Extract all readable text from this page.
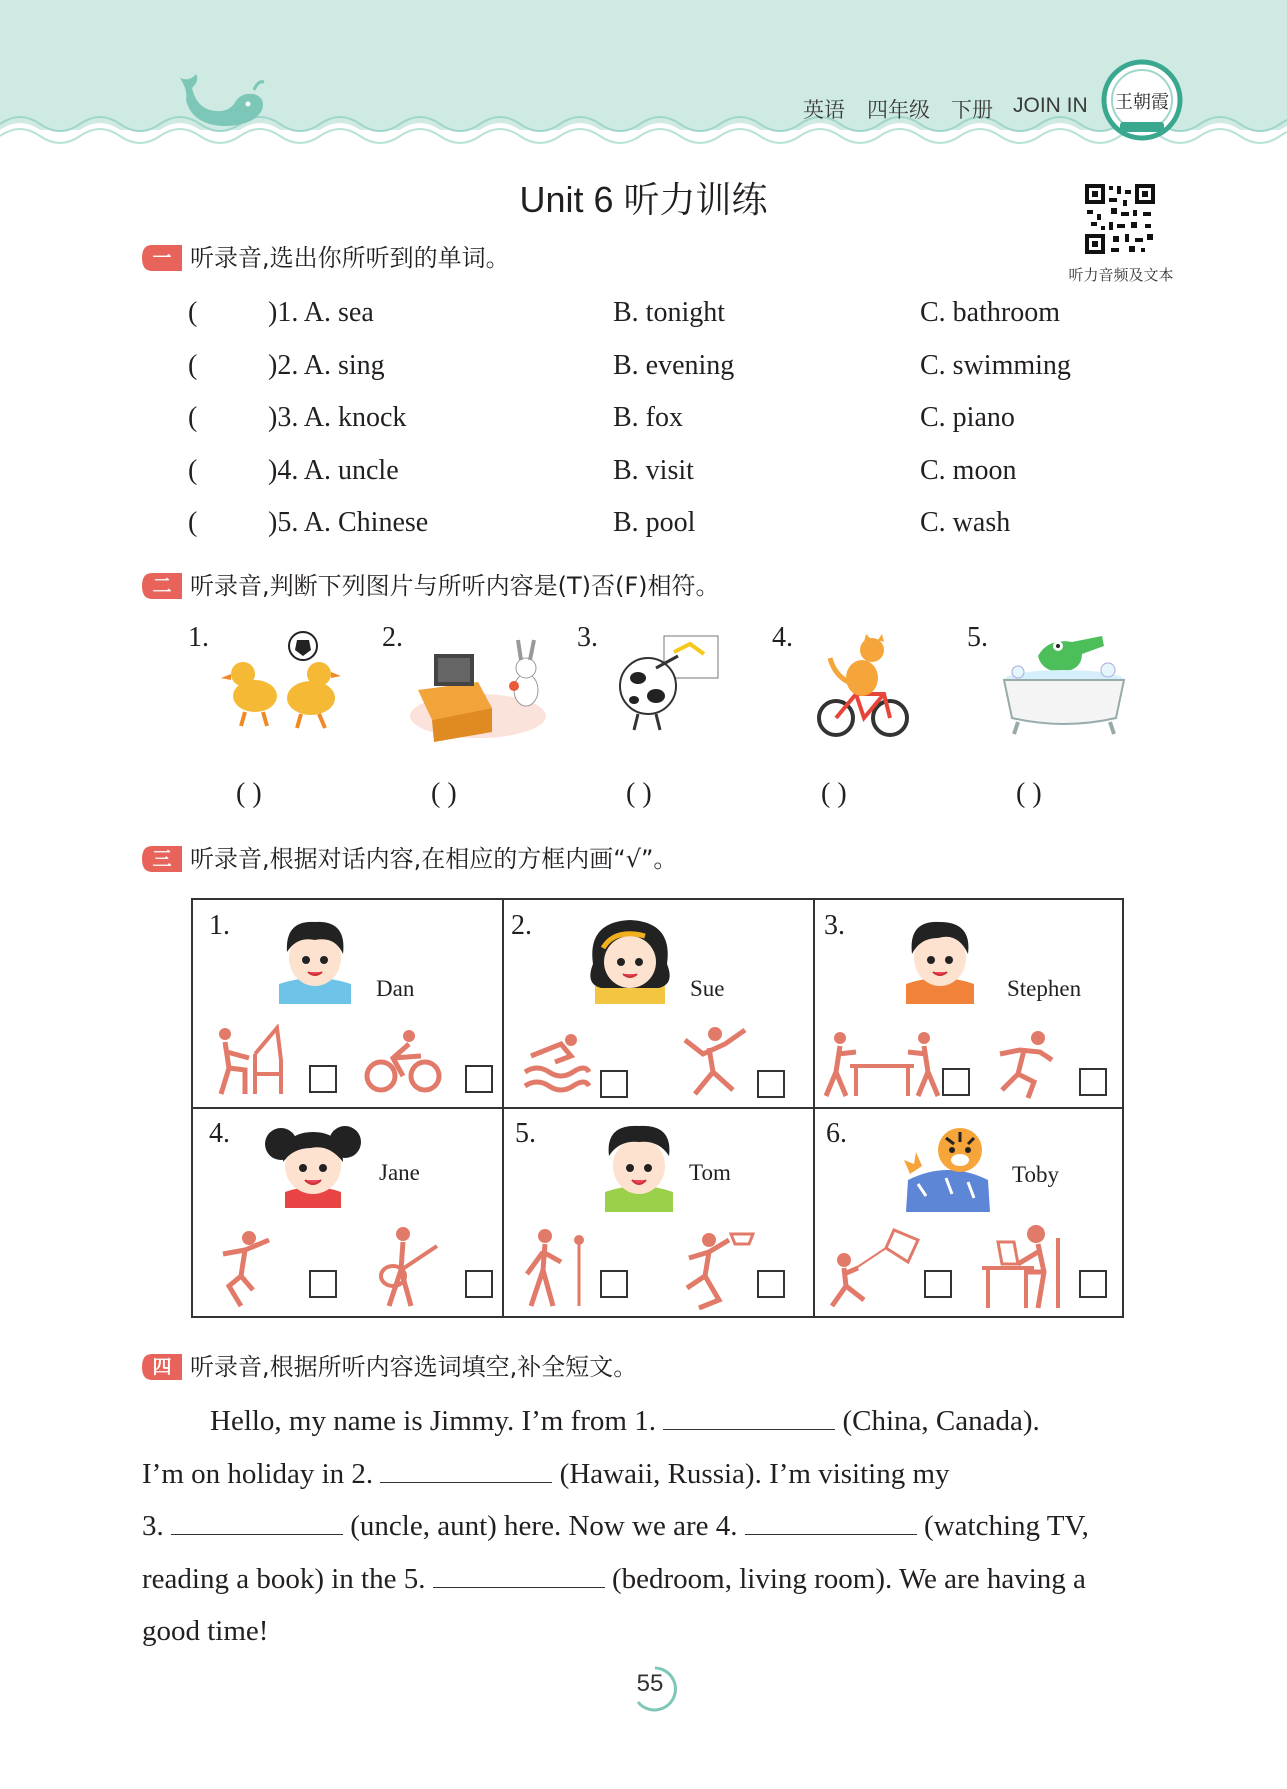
英语 四年级 下册 JOIN IN 王朝霞
Unit 6 听力训练
听力音频及文本
一 听录音,选出你所听到的单词。
(	)1. A. sea	B. tonight	C. bathroom
(	)2. A. sing	B. evening	C. swimming
(	)3. A. knock	B. fox	C. piano
(	)4. A. uncle	B. visit	C. moon
(	)5. A. Chinese	B. pool	C. wash
二 听录音,判断下列图片与所听内容是(T)否(F)相符。
1.	2.	3.	4.	5.
( )	( )	( )	( )	( )
三 听录音,根据对话内容,在相应的方框内画“√”。
1.
Dan
2.
Sue
3.
Stephen
4.
Jane
5.
Tom
6.
Toby
四 听录音,根据所听内容选词填空,补全短文。
Hello, my name is Jimmy. I’m from 1.	(China, Canada).
I’m on holiday in 2.	(Hawaii, Russia). I’m visiting my
3.	(uncle, aunt) here. Now we are 4.	(watching TV,
reading a book) in the 5.	(bedroom, living room). We are having a
good time!
55
